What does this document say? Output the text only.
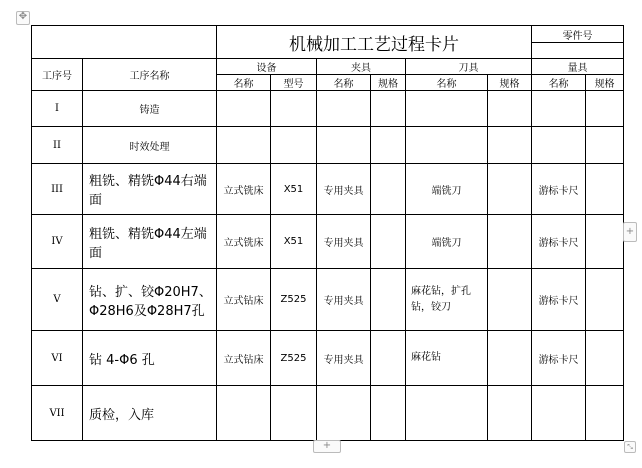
✥
		机械加工工艺过程卡片						零件号	

工序号	工序名称	设备		夹具		刀具		量具	
		名称	型号	名称	规格	名称	规格	名称	规格
I	铸造								
II	时效处理								
III	粗铣、精铣Φ44右端面	立式铣床	X51	专用夹具		端铣刀		游标卡尺	
IV	粗铣、精铣Φ44左端面	立式铣床	X51	专用夹具		端铣刀		游标卡尺	
V	钻、扩、铰Φ20H7、Φ28H6及Φ28H7孔	立式钻床	Z525	专用夹具		麻花钻，扩孔钻，铰刀		游标卡尺	
VI	钻 4-Φ6 孔	立式钻床	Z525	专用夹具		麻花钻		游标卡尺	
VII	质检，入库								
+
+
⤡
